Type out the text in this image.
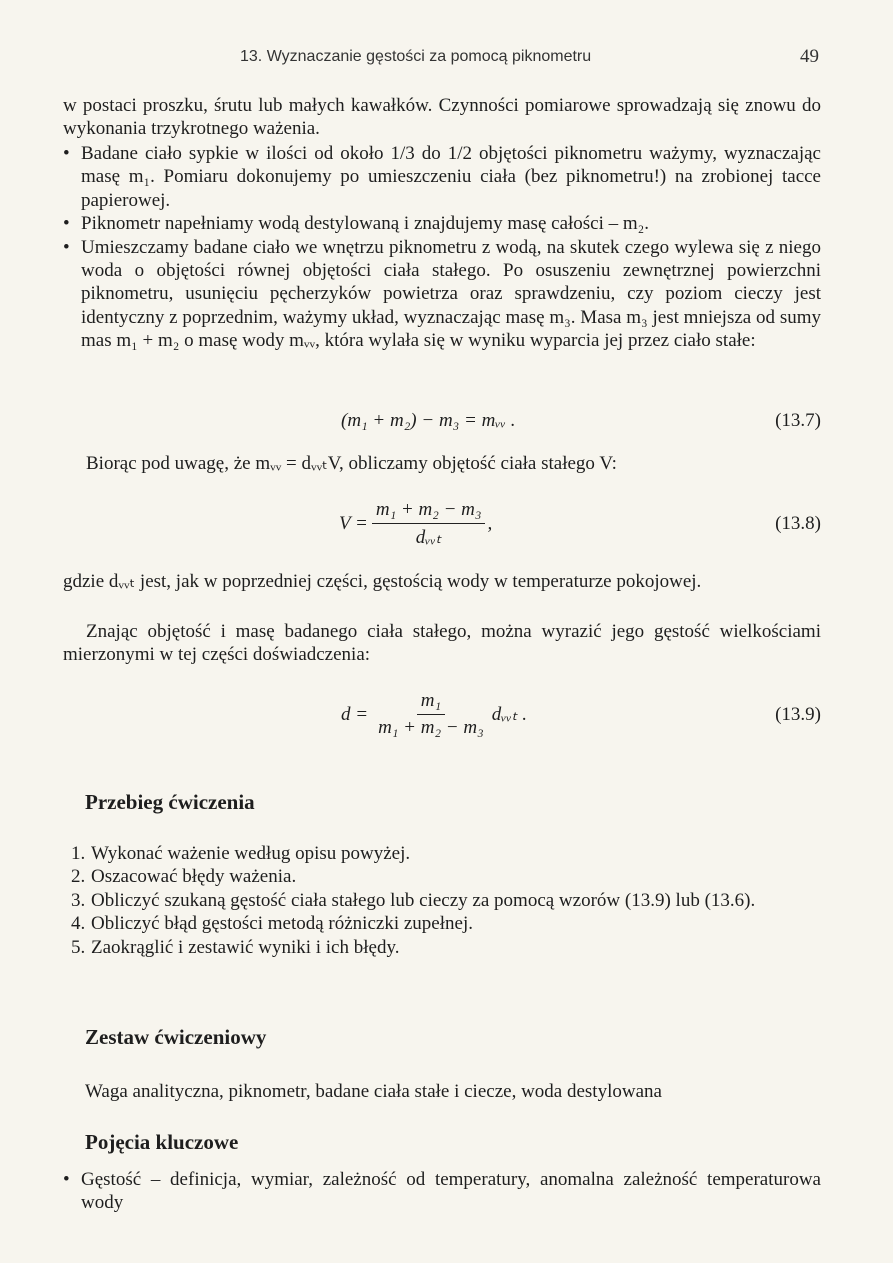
13. Wyznaczanie gęstości za pomocą piknometru	49
w postaci proszku, śrutu lub małych kawałków. Czynności pomiarowe sprowadzają się znowu do wykonania trzykrotnego ważenia.
• Badane ciało sypkie w ilości od około 1/3 do 1/2 objętości piknometru ważymy, wyznaczając masę m₁. Pomiaru dokonujemy po umieszczeniu ciała (bez piknometru!) na zrobionej tacce papierowej.
• Piknometr napełniamy wodą destylowaną i znajdujemy masę całości – m₂.
• Umieszczamy badane ciało we wnętrzu piknometru z wodą, na skutek czego wylewa się z niego woda o objętości równej objętości ciała stałego. Po osuszeniu zewnętrznej powierzchni piknometru, usunięciu pęcherzyków powietrza oraz sprawdzeniu, czy poziom cieczy jest identyczny z poprzednim, ważymy układ, wyznaczając masę m₃. Masa m₃ jest mniejsza od sumy mas m₁ + m₂ o masę wody mᵥᵥ, która wylała się w wyniku wyparcia jej przez ciało stałe:
(m₁ + m₂) − m₃ = mᵥᵥ .	(13.7)
Biorąc pod uwagę, że mᵥᵥ = dᵥᵥₜV, obliczamy objętość ciała stałego V:
$V = \frac{\text{m₁ + m₂ − m₃}}{\text{dᵥᵥₜ}}$ ,	(13.8)
gdzie dᵥᵥₜ jest, jak w poprzedniej części, gęstością wody w temperaturze pokojowej.
Znając objętość i masę badanego ciała stałego, można wyrazić jego gęstość wielkościami mierzonymi w tej części doświadczenia:
$d = \frac{\text{m₁}}{\text{m₁ + m₂ − m₃}}$ dᵥᵥₜ .	(13.9)
Przebieg ćwiczenia
1. Wykonać ważenie według opisu powyżej.
2. Oszacować błędy ważenia.
3. Obliczyć szukaną gęstość ciała stałego lub cieczy za pomocą wzorów (13.9) lub (13.6).
4. Obliczyć błąd gęstości metodą różniczki zupełnej.
5. Zaokrąglić i zestawić wyniki i ich błędy.
Zestaw ćwiczeniowy
Waga analityczna, piknometr, badane ciała stałe i ciecze, woda destylowana
Pojęcia kluczowe
• Gęstość – definicja, wymiar, zależność od temperatury, anomalna zależność temperaturowa wody
